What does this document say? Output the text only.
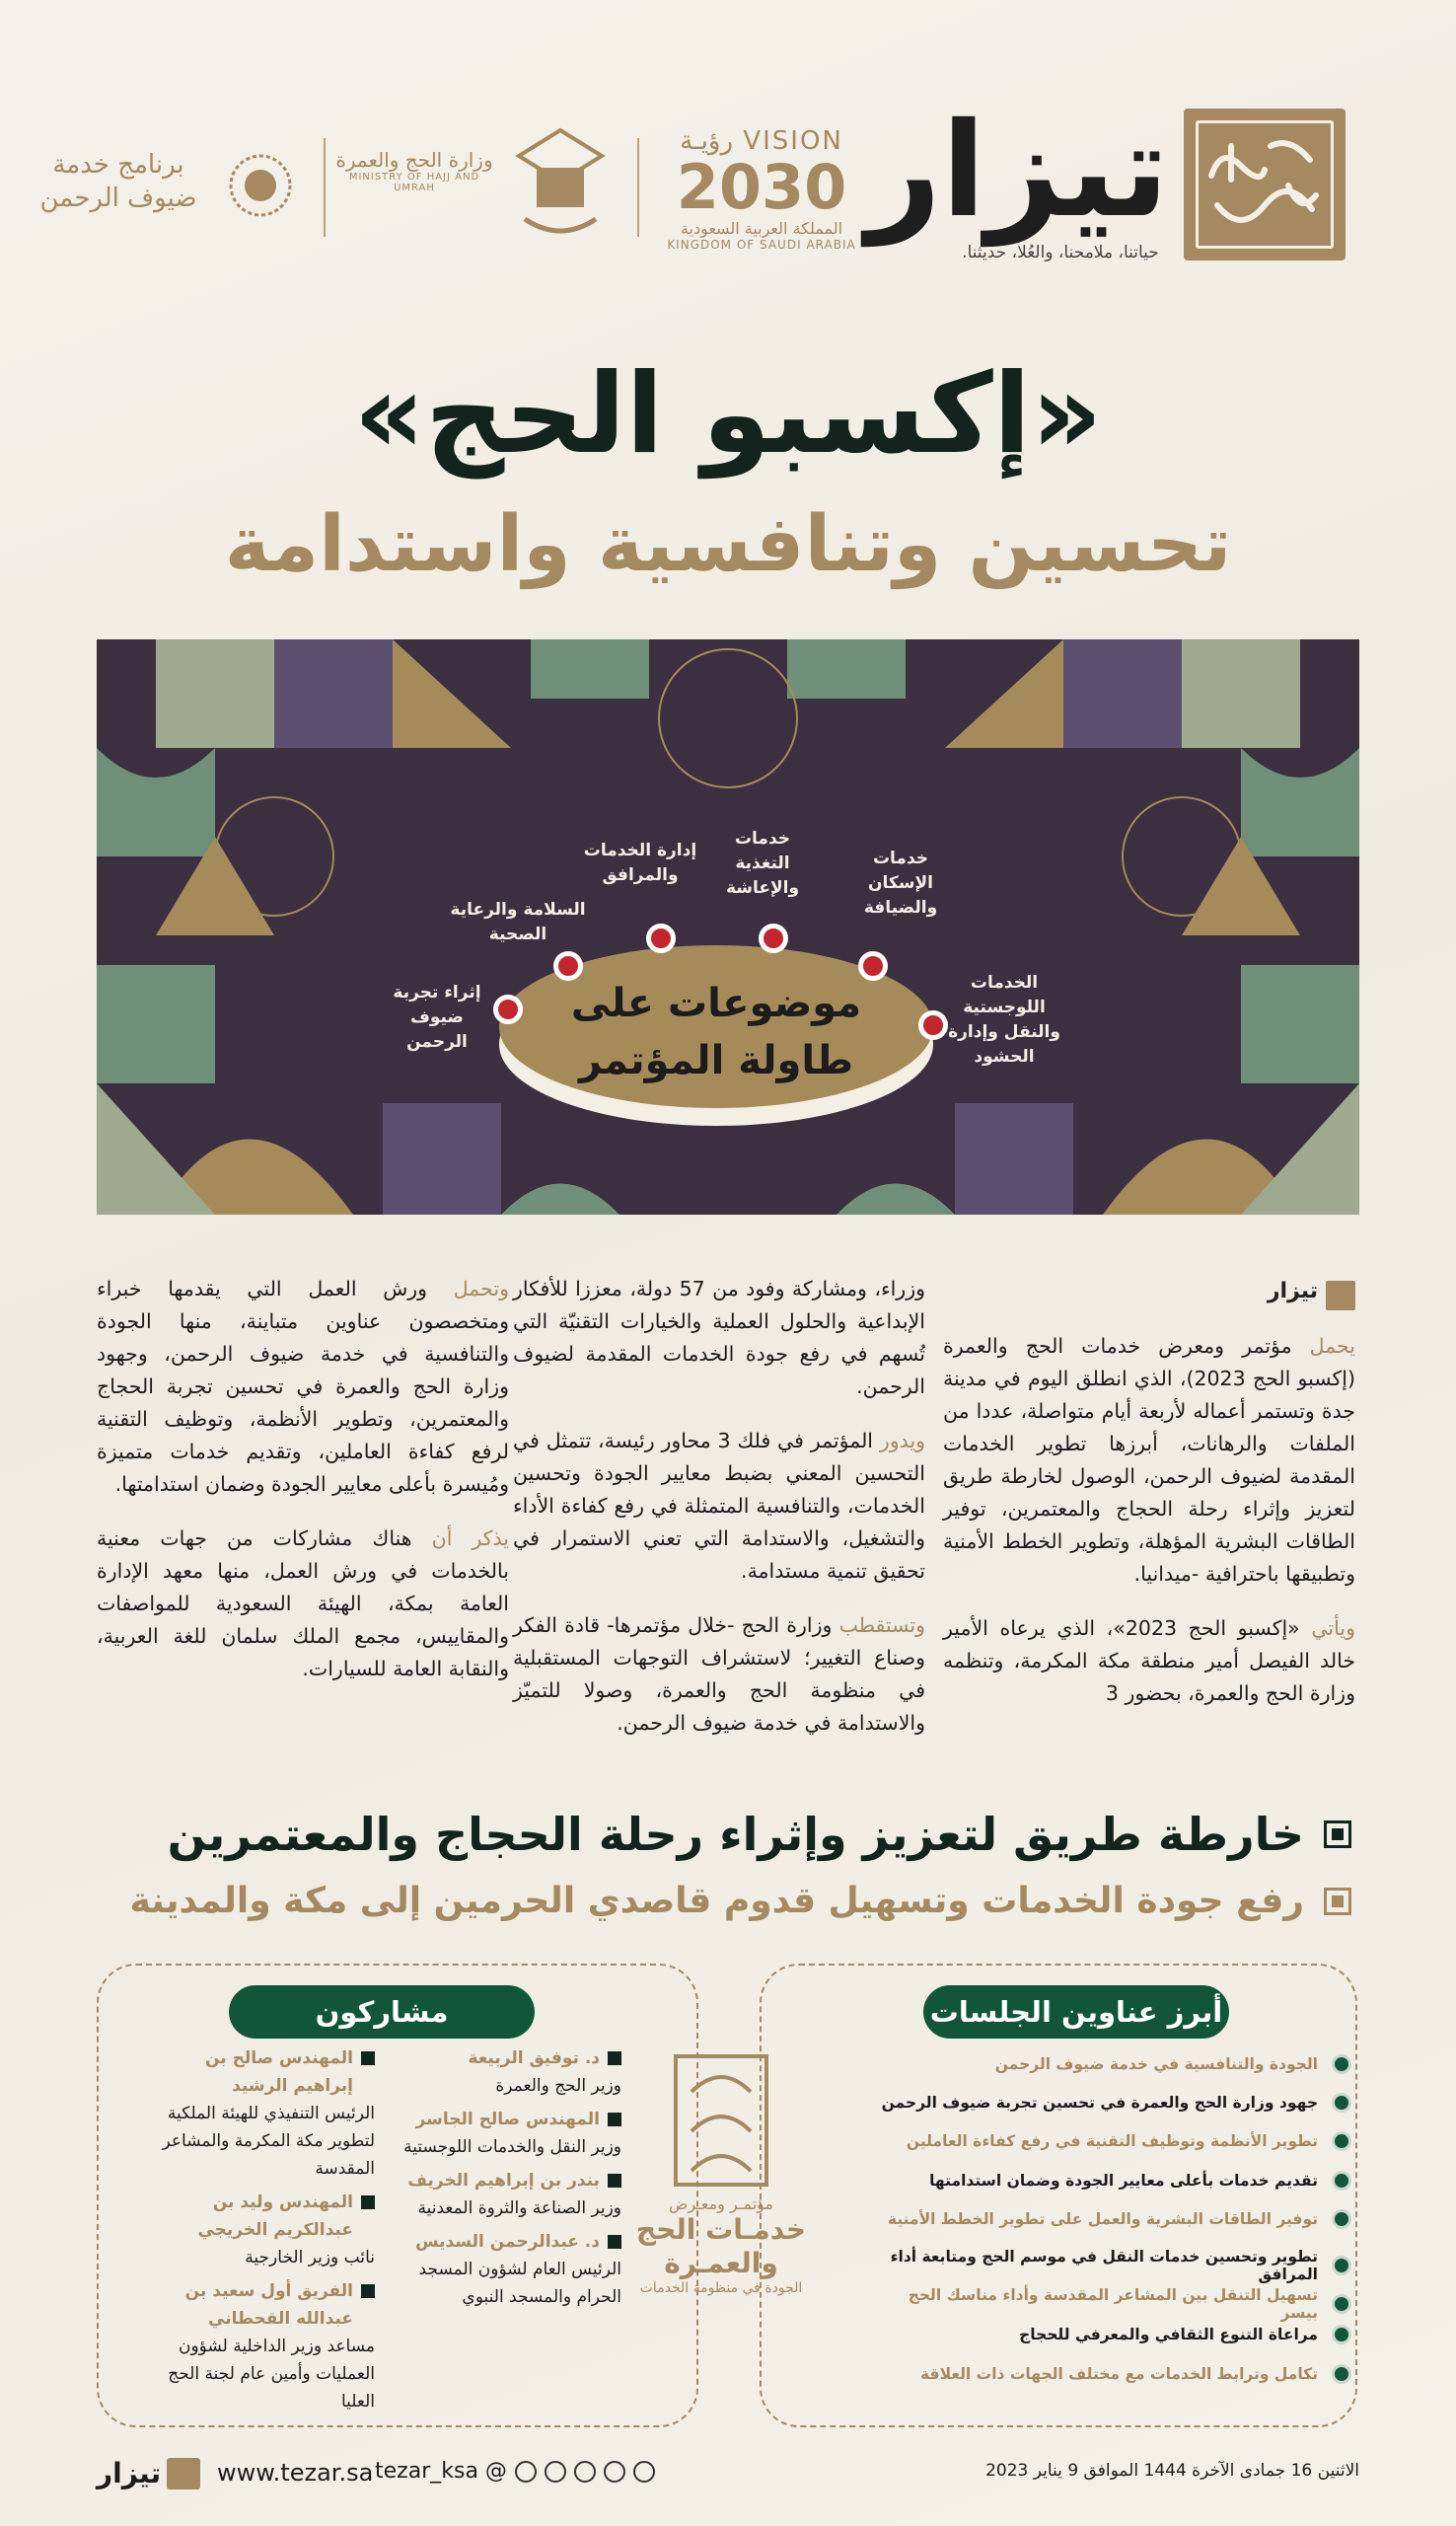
تيزار
حياتنا، ملامحنا، والعُلا، حديثنا.
VISION رؤيـة
2030
المملكة العربية السعودية
KINGDOM OF SAUDI ARABIA
وزارة الحج والعمرة
MINISTRY OF HAJJ AND UMRAH
برنامج خدمة
ضيوف الرحمن
«إكسبو الحج»
تحسين وتنافسية واستدامة
موضوعات على
طاولة المؤتمر
إثراء تجربة ضيوف الرحمن
السلامة والرعاية الصحية
إدارة الخدمات والمرافق
خدمات التغذية والإعاشة
خدمات الإسكان والضيافة
الخدمات اللوجستية والنقل وإدارة الحشود
تيزار

يحمل مؤتمر ومعرض خدمات الحج والعمرة (إكسبو الحج 2023)، الذي انطلق اليوم في مدينة جدة وتستمر أعماله لأربعة أيام متواصلة، عددا من الملفات والرهانات، أبرزها تطوير الخدمات المقدمة لضيوف الرحمن، الوصول لخارطة طريق لتعزيز وإثراء رحلة الحجاج والمعتمرين، توفير الطاقات البشرية المؤهلة، وتطوير الخطط الأمنية وتطبيقها باحترافية -ميدانيا.

ويأتي «إكسبو الحج 2023»، الذي يرعاه الأمير خالد الفيصل أمير منطقة مكة المكرمة، وتنظمه وزارة الحج والعمرة، بحضور 3

وزراء، ومشاركة وفود من 57 دولة، معززا للأفكار الإبداعية والحلول العملية والخيارات التقنيّة التي تُسهم في رفع جودة الخدمات المقدمة لضيوف الرحمن.

ويدور المؤتمر في فلك 3 محاور رئيسة، تتمثل في التحسين المعني بضبط معايير الجودة وتحسين الخدمات، والتنافسية المتمثلة في رفع كفاءة الأداء والتشغيل، والاستدامة التي تعني الاستمرار في تحقيق تنمية مستدامة.

وتستقطب وزارة الحج -خلال مؤتمرها- قادة الفكر وصناع التغيير؛ لاستشراف التوجهات المستقبلية في منظومة الحج والعمرة، وصولا للتميّز والاستدامة في خدمة ضيوف الرحمن.

وتحمل ورش العمل التي يقدمها خبراء ومتخصصون عناوين متباينة، منها الجودة والتنافسية في خدمة ضيوف الرحمن، وجهود وزارة الحج والعمرة في تحسين تجربة الحجاج والمعتمرين، وتطوير الأنظمة، وتوظيف التقنية لرفع كفاءة العاملين، وتقديم خدمات متميزة ومُيسرة بأعلى معايير الجودة وضمان استدامتها.

يذكر أن هناك مشاركات من جهات معنية بالخدمات في ورش العمل، منها معهد الإدارة العامة بمكة، الهيئة السعودية للمواصفات والمقاييس، مجمع الملك سلمان للغة العربية، والنقابة العامة للسيارات.

خارطة طريق لتعزيز وإثراء رحلة الحجاج والمعتمرين
رفع جودة الخدمات وتسهيل قدوم قاصدي الحرمين إلى مكة والمدينة
أبرز عناوين الجلسات
الجودة والتنافسية في خدمة ضيوف الرحمن
جهود وزارة الحج والعمرة في تحسين تجربة ضيوف الرحمن
تطوير الأنظمة وتوظيف التقنية في رفع كفاءة العاملين
تقديم خدمات بأعلى معايير الجودة وضمان استدامتها
توفير الطاقات البشرية والعمل على تطوير الخطط الأمنية
تطوير وتحسين خدمات النقل في موسم الحج ومتابعة أداء المرافق
تسهيل التنقل بين المشاعر المقدسة وأداء مناسك الحج بيسر
مراعاة التنوع الثقافي والمعرفي للحجاج
تكامل وترابط الخدمات مع مختلف الجهات ذات العلاقة
مؤتمـر ومعـرض
خدمـات الحج والعمـرة
الجودة في منظومة الخدمات
مشاركون
د. توفيق الربيعة
وزير الحج والعمرة
المهندس صالح الجاسر
وزير النقل والخدمات اللوجستية
بندر بن إبراهيم الخريف
وزير الصناعة والثروة المعدنية
د. عبدالرحمن السديس
الرئيس العام لشؤون المسجد الحرام والمسجد النبوي
المهندس صالح بن إبراهيم الرشيد
الرئيس التنفيذي للهيئة الملكية لتطوير مكة المكرمة والمشاعر المقدسة
المهندس وليد بن عبدالكريم الخريجي
نائب وزير الخارجية
الفريق أول سعيد بن عبدالله القحطاني
مساعد وزير الداخلية لشؤون العمليات وأمين عام لجنة الحج العليا
الاثنين 16 جمادى الآخرة 1444 الموافق 9 يناير 2023
@ tezar_ksa
www.tezar.sa
تيزار
